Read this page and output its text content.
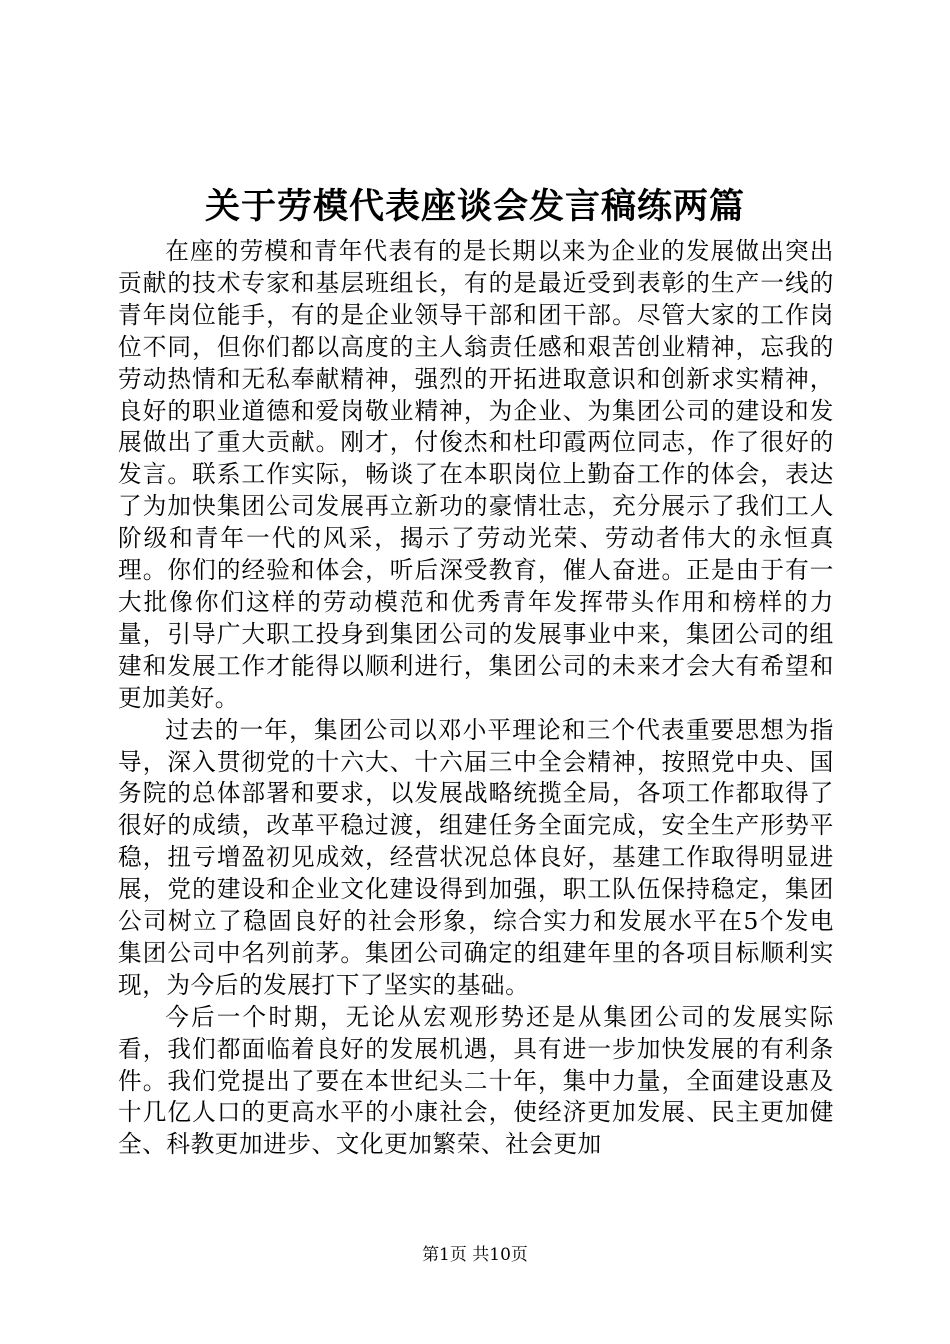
关于劳模代表座谈会发言稿练两篇

在座的劳模和青年代表有的是长期以来为企业的发展做出突出贡献的技术专家和基层班组长，有的是最近受到表彰的生产一线的青年岗位能手，有的是企业领导干部和团干部。尽管大家的工作岗位不同，但你们都以高度的主人翁责任感和艰苦创业精神，忘我的劳动热情和无私奉献精神，强烈的开拓进取意识和创新求实精神，良好的职业道德和爱岗敬业精神，为企业、为集团公司的建设和发展做出了重大贡献。刚才，付俊杰和杜印霞两位同志，作了很好的发言。联系工作实际，畅谈了在本职岗位上勤奋工作的体会，表达了为加快集团公司发展再立新功的豪情壮志，充分展示了我们工人阶级和青年一代的风采，揭示了劳动光荣、劳动者伟大的永恒真理。你们的经验和体会，听后深受教育，催人奋进。正是由于有一大批像你们这样的劳动模范和优秀青年发挥带头作用和榜样的力量，引导广大职工投身到集团公司的发展事业中来，集团公司的组建和发展工作才能得以顺利进行，集团公司的未来才会大有希望和更加美好。

过去的一年，集团公司以邓小平理论和三个代表重要思想为指导，深入贯彻党的十六大、十六届三中全会精神，按照党中央、国务院的总体部署和要求，以发展战略统揽全局，各项工作都取得了很好的成绩，改革平稳过渡，组建任务全面完成，安全生产形势平稳，扭亏增盈初见成效，经营状况总体良好，基建工作取得明显进展，党的建设和企业文化建设得到加强，职工队伍保持稳定，集团公司树立了稳固良好的社会形象，综合实力和发展水平在5个发电集团公司中名列前茅。集团公司确定的组建年里的各项目标顺利实现，为今后的发展打下了坚实的基础。

今后一个时期，无论从宏观形势还是从集团公司的发展实际看，我们都面临着良好的发展机遇，具有进一步加快发展的有利条件。我们党提出了要在本世纪头二十年，集中力量，全面建设惠及十几亿人口的更高水平的小康社会，使经济更加发展、民主更加健全、科教更加进步、文化更加繁荣、社会更加

第1页 共10页
